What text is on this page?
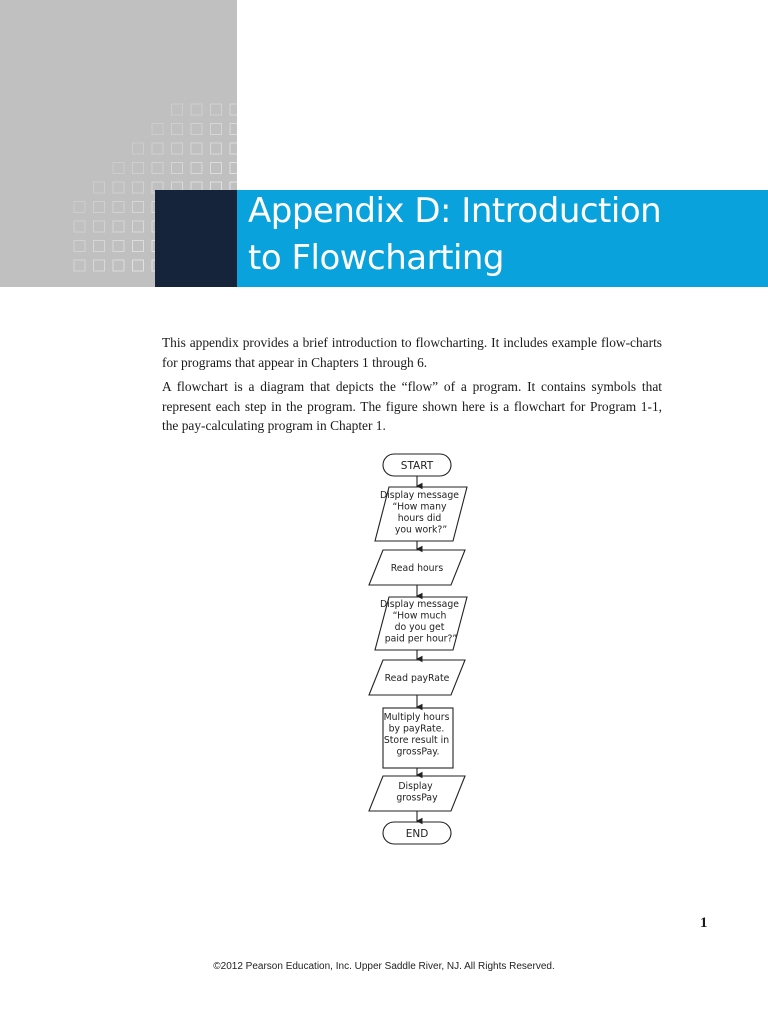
Appendix D: Introduction
to Flowcharting

This appendix provides a brief introduction to flowcharting. It includes example flow-charts for programs that appear in Chapters 1 through 6.

A flowchart is a diagram that depicts the “flow” of a program. It contains symbols that represent each step in the program. The figure shown here is a flowchart for Program 1-1, the pay-calculating program in Chapter 1.

START
Display message “How many hours did you work?”
Read hours
Display message “How much do you get paid per hour?”
Read payRate
Multiply hours by payRate. Store result in grossPay.
Display grossPay
END

1

©2012 Pearson Education, Inc. Upper Saddle River, NJ. All Rights Reserved.
